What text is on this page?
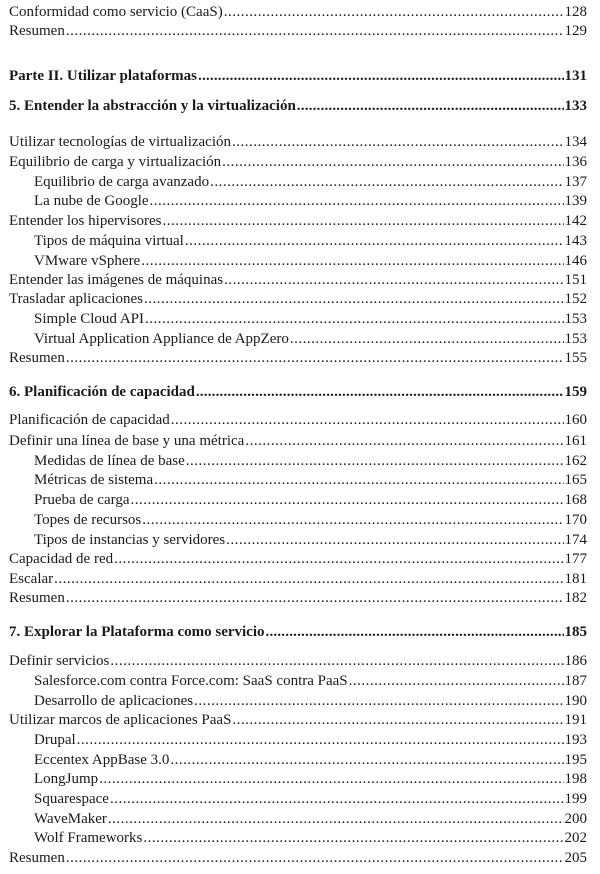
Conformidad como servicio (CaaS) .....	128
Resumen .....	129
Parte II. Utilizar plataformas .....	131
5. Entender la abstracción y la virtualización .....	133
Utilizar tecnologías de virtualización .....	134
Equilibrio de carga y virtualización .....	136
Equilibrio de carga avanzado .....	137
La nube de Google .....	139
Entender los hipervisores .....	142
Tipos de máquina virtual .....	143
VMware vSphere .....	146
Entender las imágenes de máquinas .....	151
Trasladar aplicaciones .....	152
Simple Cloud API .....	153
Virtual Application Appliance de AppZero .....	153
Resumen .....	155
6. Planificación de capacidad .....	159
Planificación de capacidad .....	160
Definir una línea de base y una métrica .....	161
Medidas de línea de base .....	162
Métricas de sistema .....	165
Prueba de carga .....	168
Topes de recursos .....	170
Tipos de instancias y servidores .....	174
Capacidad de red .....	177
Escalar .....	181
Resumen .....	182
7. Explorar la Plataforma como servicio .....	185
Definir servicios .....	186
Salesforce.com contra Force.com: SaaS contra PaaS .....	187
Desarrollo de aplicaciones .....	190
Utilizar marcos de aplicaciones PaaS .....	191
Drupal .....	193
Eccentex AppBase 3.0 .....	195
LongJump .....	198
Squarespace .....	199
WaveMaker .....	200
Wolf Frameworks .....	202
Resumen .....	205
